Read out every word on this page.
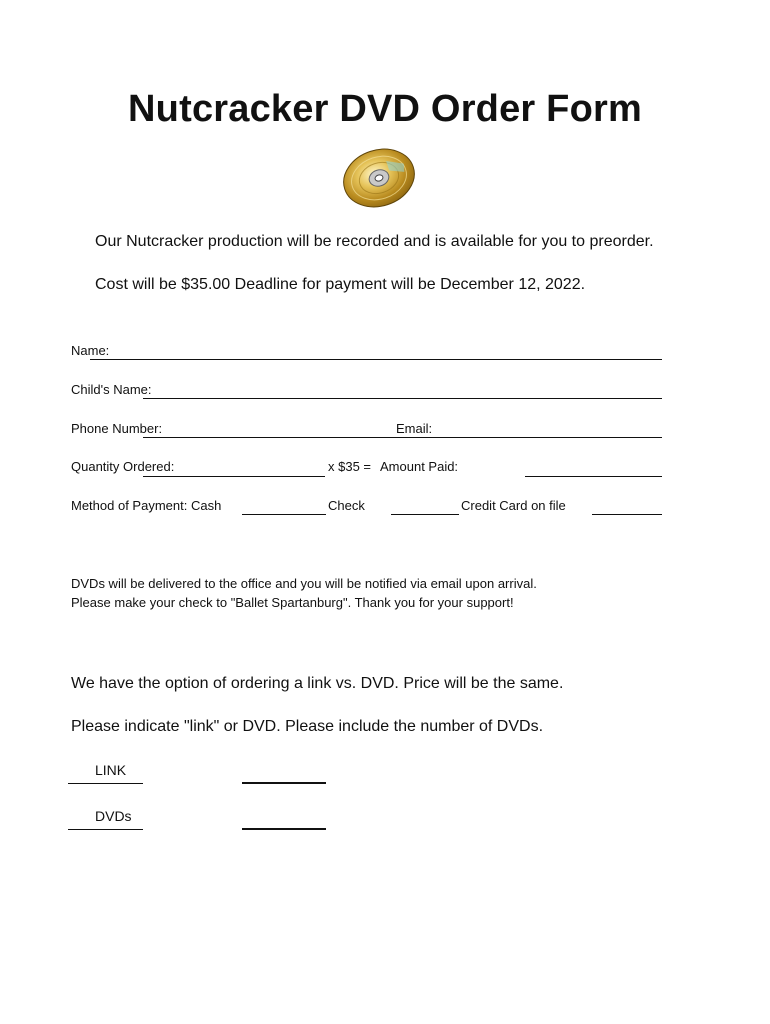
Nutcracker DVD Order Form
Our Nutcracker production will be recorded and is available for you to preorder.
Cost will be $35.00 Deadline for payment will be December 12, 2022.
Name:
Child's Name:
Phone Number:	Email:
Quantity Ordered:	x $35 = Amount Paid:
Method of Payment: Cash	Check	Credit Card on file
DVDs will be delivered to the office and you will be notified via email upon arrival.
Please make your check to "Ballet Spartanburg". Thank you for your support!
We have the option of ordering a link vs. DVD. Price will be the same.
Please indicate "link" or DVD. Please include the number of DVDs.
LINK
DVDs
